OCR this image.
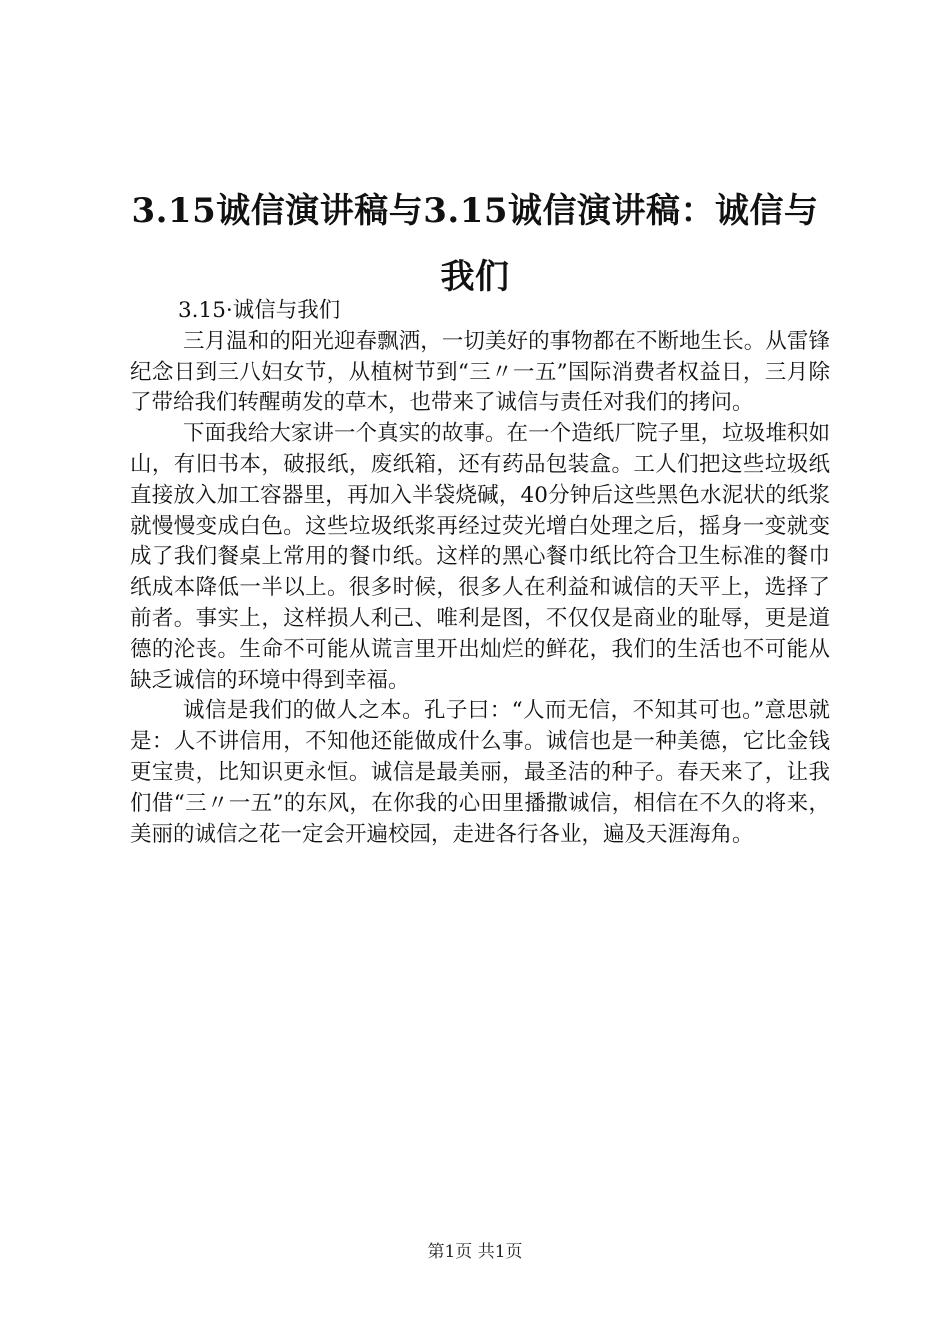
3.15诚信演讲稿与3.15诚信演讲稿：诚信与
我们

3.15·诚信与我们

三月温和的阳光迎春飘洒，一切美好的事物都在不断地生长。从雷锋纪念日到三八妇女节，从植树节到“三〃一五”国际消费者权益日，三月除了带给我们转醒萌发的草木，也带来了诚信与责任对我们的拷问。

下面我给大家讲一个真实的故事。在一个造纸厂院子里，垃圾堆积如山，有旧书本，破报纸，废纸箱，还有药品包装盒。工人们把这些垃圾纸直接放入加工容器里，再加入半袋烧碱，40分钟后这些黑色水泥状的纸浆就慢慢变成白色。这些垃圾纸浆再经过荧光增白处理之后，摇身一变就变成了我们餐桌上常用的餐巾纸。这样的黑心餐巾纸比符合卫生标准的餐巾纸成本降低一半以上。很多时候，很多人在利益和诚信的天平上，选择了前者。事实上，这样损人利己、唯利是图，不仅仅是商业的耻辱，更是道德的沦丧。生命不可能从谎言里开出灿烂的鲜花，我们的生活也不可能从缺乏诚信的环境中得到幸福。

诚信是我们的做人之本。孔子曰：“人而无信，不知其可也。”意思就是：人不讲信用，不知他还能做成什么事。诚信也是一种美德，它比金钱更宝贵，比知识更永恒。诚信是最美丽，最圣洁的种子。春天来了，让我们借“三〃一五”的东风，在你我的心田里播撒诚信，相信在不久的将来，美丽的诚信之花一定会开遍校园，走进各行各业，遍及天涯海角。

第1页 共1页
